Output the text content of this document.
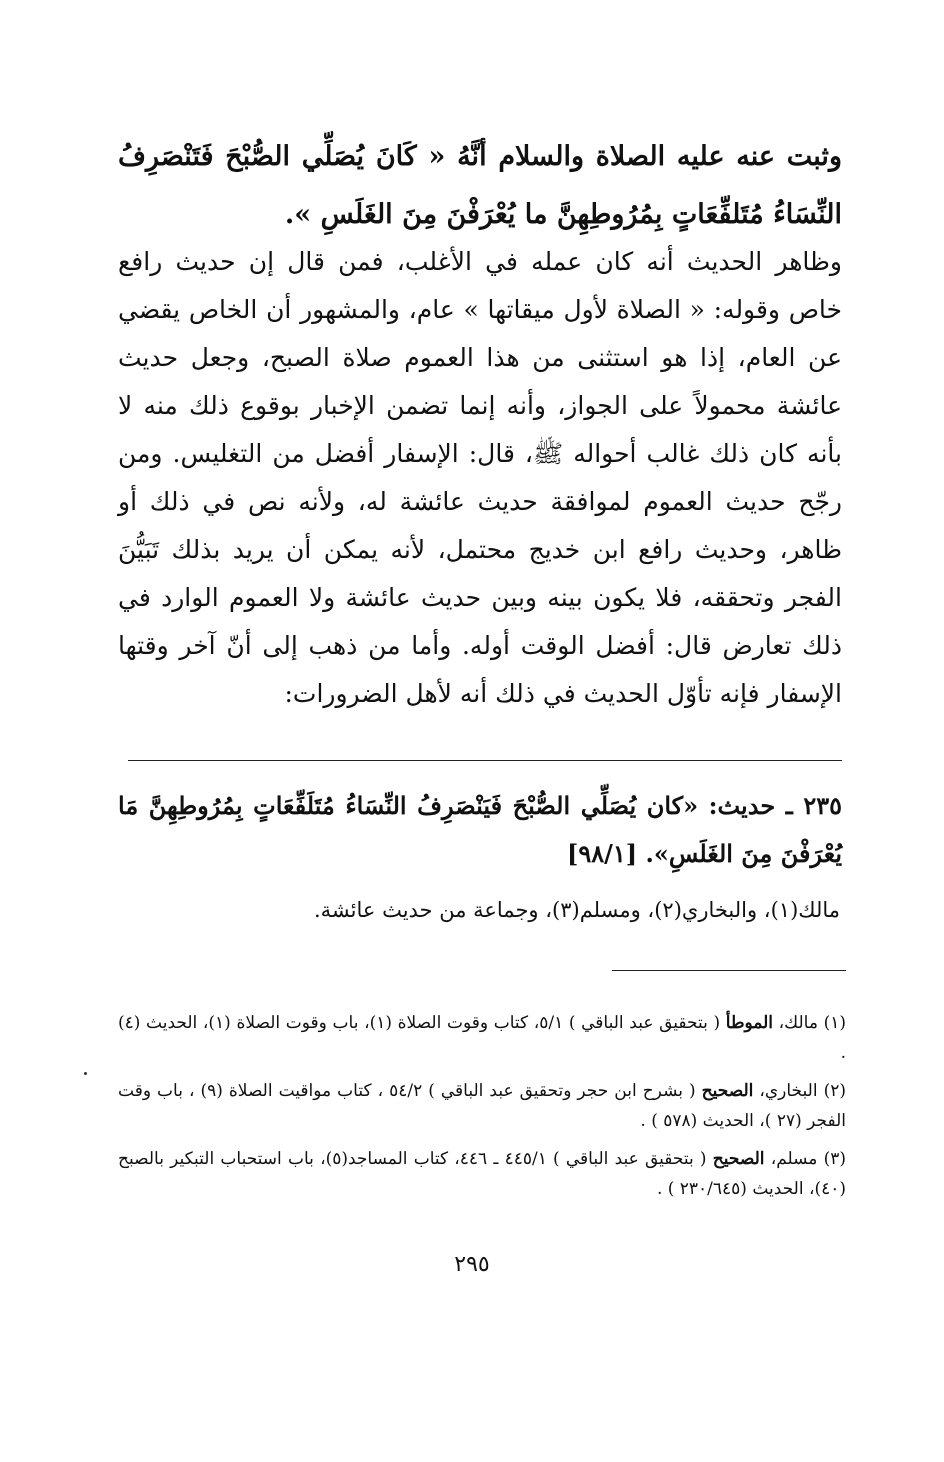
وثبت عنه عليه الصلاة والسلام أنَّهُ « كَانَ يُصَلِّي الصُّبْحَ فَتَنْصَرِفُ النِّسَاءُ مُتَلفِّعَاتٍ بِمُرُوطِهِنَّ ما يُعْرَفْنَ مِنَ الغَلَسِ ».

وظاهر الحديث أنه كان عمله في الأغلب، فمن قال إن حديث رافع خاص وقوله: « الصلاة لأول ميقاتها » عام، والمشهور أن الخاص يقضي عن العام، إذا هو استثنى من هذا العموم صلاة الصبح، وجعل حديث عائشة محمولاً على الجواز، وأنه إنما تضمن الإخبار بوقوع ذلك منه لا بأنه كان ذلك غالب أحواله ﷺ، قال: الإسفار أفضل من التغليس. ومن رجّح حديث العموم لموافقة حديث عائشة له، ولأنه نص في ذلك أو ظاهر، وحديث رافع ابن خديج محتمل، لأنه يمكن أن يريد بذلك تَبَيُّنَ الفجر وتحققه، فلا يكون بينه وبين حديث عائشة ولا العموم الوارد في ذلك تعارض قال: أفضل الوقت أوله. وأما من ذهب إلى أنّ آخر وقتها الإسفار فإنه تأوّل الحديث في ذلك أنه لأهل الضرورات:

٢٣٥ ـ حديث: «كان يُصَلِّي الصُّبْحَ فَيَنْصَرِفُ النِّسَاءُ مُتَلَفِّعَاتٍ بِمُرُوطِهِنَّ مَا يُعْرَفْنَ مِنَ الغَلَسِ». [٩٨/١]

مالك(١)، والبخاري(٢)، ومسلم(٣)، وجماعة من حديث عائشة.

(١) مالك، الموطأ ( بتحقيق عبد الباقي ) ٥/١، كتاب وقوت الصلاة (١)، باب وقوت الصلاة (١)، الحديث (٤) .

(٢) البخاري، الصحيح ( بشرح ابن حجر وتحقيق عبد الباقي ) ٥٤/٢ ، كتاب مواقيت الصلاة (٩) ، باب وقت الفجر (٢٧ )، الحديث (٥٧٨ ) .

(٣) مسلم، الصحيح ( بتحقيق عبد الباقي ) ٤٤٥/١ ـ ٤٤٦، كتاب المساجد(٥)، باب استحباب التبكير بالصبح (٤٠)، الحديث (٢٣٠/٦٤٥ ) .

٢٩٥
